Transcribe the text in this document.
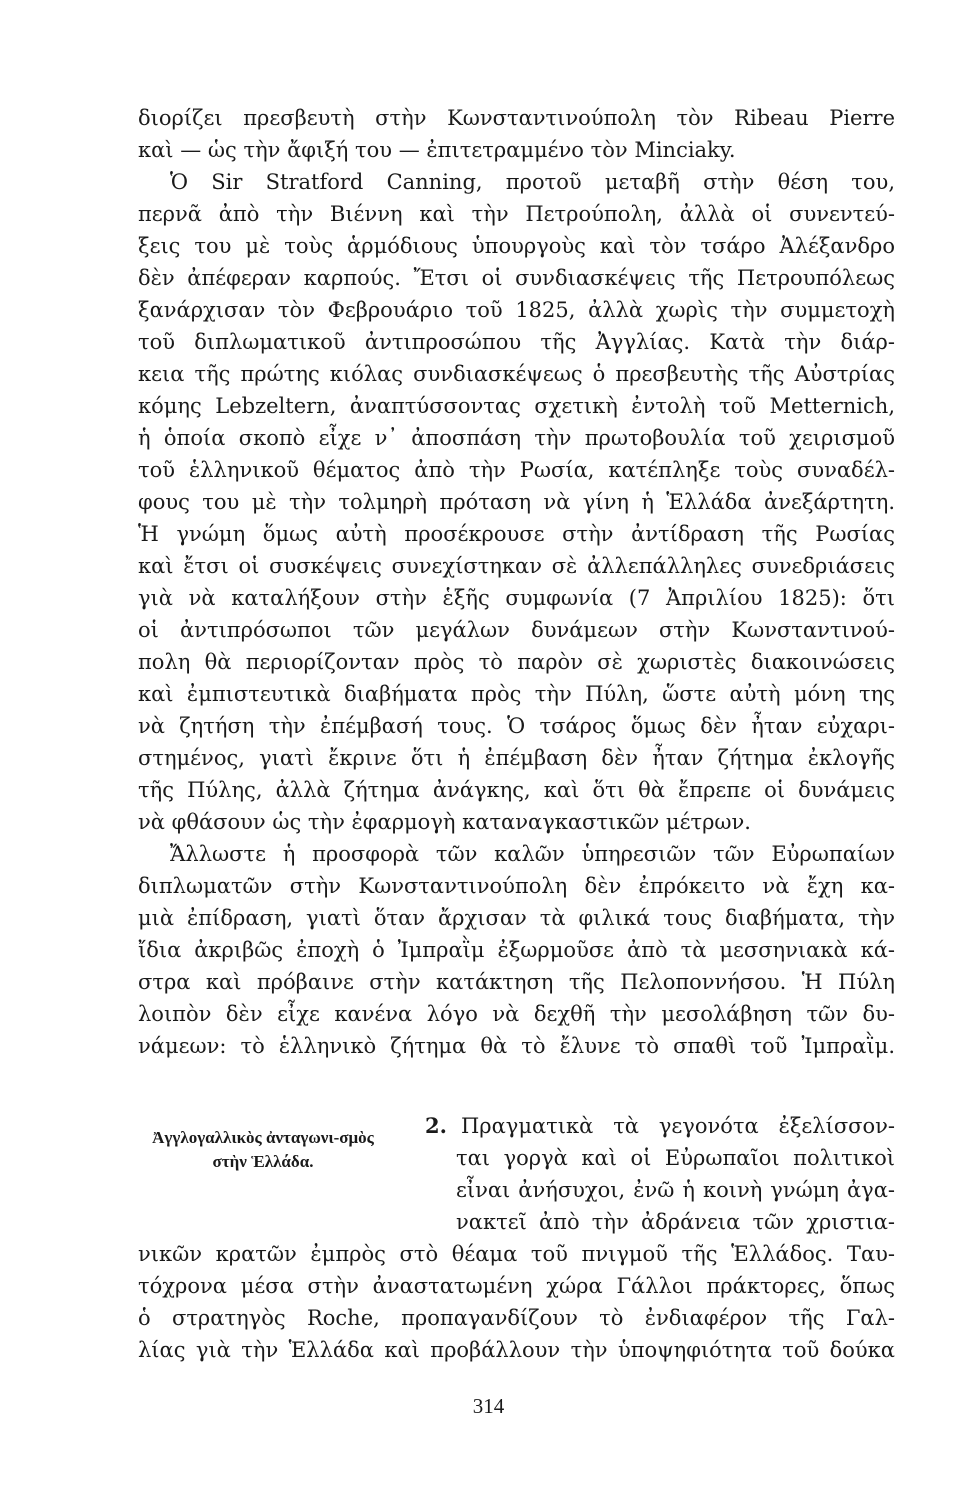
διορίζει πρεσβευτὴ στὴν Κωνσταντινούπολη τὸν Ribeau Pierre
καὶ — ὡς τὴν ἄφιξή του — ἐπιτετραμμένο τὸν Minciaky.
Ὁ Sir Stratford Canning, προτοῦ μεταβῆ στὴν θέση του,
περνᾶ ἀπὸ τὴν Βιέννη καὶ τὴν Πετρούπολη, ἀλλὰ οἱ συνεντεύ-
ξεις του μὲ τοὺς ἁρμόδιους ὑπουργοὺς καὶ τὸν τσάρο Ἀλέξανδρο
δὲν ἀπέφεραν καρπούς. Ἔτσι οἱ συνδιασκέψεις τῆς Πετρουπόλεως
ξανάρχισαν τὸν Φεβρουάριο τοῦ 1825, ἀλλὰ χωρὶς τὴν συμμετοχὴ
τοῦ διπλωματικοῦ ἀντιπροσώπου τῆς Ἀγγλίας. Κατὰ τὴν διάρ-
κεια τῆς πρώτης κιόλας συνδιασκέψεως ὁ πρεσβευτὴς τῆς Αὐστρίας
κόμης Lebzeltern, ἀναπτύσσοντας σχετικὴ ἐντολὴ τοῦ Metternich,
ἡ ὁποία σκοπὸ εἶχε ν᾽ ἀποσπάση τὴν πρωτοβουλία τοῦ χειρισμοῦ
τοῦ ἑλληνικοῦ θέματος ἀπὸ τὴν Ρωσία, κατέπληξε τοὺς συναδέλ-
φους του μὲ τὴν τολμηρὴ πρόταση νὰ γίνη ἡ Ἑλλάδα ἀνεξάρτητη.
Ἡ γνώμη ὅμως αὐτὴ προσέκρουσε στὴν ἀντίδραση τῆς Ρωσίας
καὶ ἔτσι οἱ συσκέψεις συνεχίστηκαν σὲ ἀλλεπάλληλες συνεδριάσεις
γιὰ νὰ καταλήξουν στὴν ἑξῆς συμφωνία (7 Ἀπριλίου 1825): ὅτι
οἱ ἀντιπρόσωποι τῶν μεγάλων δυνάμεων στὴν Κωνσταντινού-
πολη θὰ περιορίζονταν πρὸς τὸ παρὸν σὲ χωριστὲς διακοινώσεις
καὶ ἐμπιστευτικὰ διαβήματα πρὸς τὴν Πύλη, ὥστε αὐτὴ μόνη της
νὰ ζητήση τὴν ἐπέμβασή τους. Ὁ τσάρος ὅμως δὲν ἦταν εὐχαρι-
στημένος, γιατὶ ἔκρινε ὅτι ἡ ἐπέμβαση δὲν ἦταν ζήτημα ἐκλογῆς
τῆς Πύλης, ἀλλὰ ζήτημα ἀνάγκης, καὶ ὅτι θὰ ἔπρεπε οἱ δυνάμεις
νὰ φθάσουν ὡς τὴν ἐφαρμογὴ καταναγκαστικῶν μέτρων.
Ἄλλωστε ἡ προσφορὰ τῶν καλῶν ὑπηρεσιῶν τῶν Εὐρωπαίων
διπλωματῶν στὴν Κωνσταντινούπολη δὲν ἐπρόκειτο νὰ ἔχη κα-
μιὰ ἐπίδραση, γιατὶ ὅταν ἄρχισαν τὰ φιλικά τους διαβήματα, τὴν
ἴδια ἀκριβῶς ἐποχὴ ὁ Ἰμπραῒμ ἐξωρμοῦσε ἀπὸ τὰ μεσσηνιακὰ κά-
στρα καὶ πρόβαινε στὴν κατάκτηση τῆς Πελοποννήσου. Ἡ Πύλη
λοιπὸν δὲν εἶχε κανένα λόγο νὰ δεχθῆ τὴν μεσολάβηση τῶν δυ-
νάμεων: τὸ ἑλληνικὸ ζήτημα θὰ τὸ ἔλυνε τὸ σπαθὶ τοῦ Ἰμπραῒμ.
Ἀγγλογαλλικὸς ἀνταγωνι-σμὸς στὴν Ἑλλάδα.
2. Πραγματικὰ τὰ γεγονότα ἐξελίσσον-
ται γοργὰ καὶ οἱ Εὐρωπαῖοι πολιτικοὶ
εἶναι ἀνήσυχοι, ἐνῶ ἡ κοινὴ γνώμη ἀγα-
νακτεῖ ἀπὸ τὴν ἀδράνεια τῶν χριστια-
νικῶν κρατῶν ἐμπρὸς στὸ θέαμα τοῦ πνιγμοῦ τῆς Ἑλλάδος. Ταυ-
τόχρονα μέσα στὴν ἀναστατωμένη χώρα Γάλλοι πράκτορες, ὅπως
ὁ στρατηγὸς Roche, προπαγανδίζουν τὸ ἐνδιαφέρον τῆς Γαλ-
λίας γιὰ τὴν Ἑλλάδα καὶ προβάλλουν τὴν ὑποψηφιότητα τοῦ δούκα
314
